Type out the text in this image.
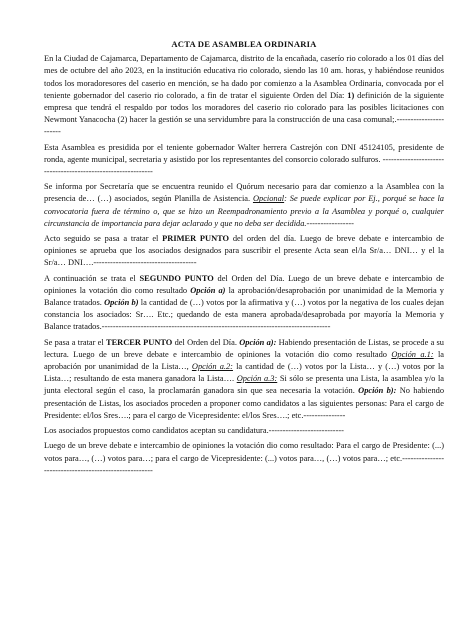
ACTA DE ASAMBLEA ORDINARIA

En la Ciudad de Cajamarca, Departamento de Cajamarca, distrito de la encañada, caserío rio colorado a los 01 días del mes de octubre del año 2023, en la institución educativa rio colorado, siendo las 10 am. horas, y habiéndose reunidos todos los moradoresores del caserio en mención, se ha dado por comienzo a la Asamblea Ordinaria, convocada por el teniente gobernador del caserio rio colorado, a fin de tratar el siguiente Orden del Día: 1) definición de la siguiente empresa que tendrá el respaldo por todos los moradores del caserio rio colorado para las posibles licitaciones con Newmont Yanacocha (2) hacer la gestión se una servidumbre para la construcción de una casa comunal;.-----------------------

Esta Asamblea es presidida por el teniente gobernador Walter herrera Castrejón con DNI 45124105, presidente de ronda, agente municipal, secretaria y asistido por los representantes del consorcio colorado sulfuros. -------------------------------------------------------------

Se informa por Secretaría que se encuentra reunido el Quórum necesario para dar comienzo a la Asamblea con la presencia de… (…) asociados, según Planilla de Asistencia. Opcional: Se puede explicar por Ej., porqué se hace la convocatoria fuera de término o, que se hizo un Reempadronamiento previo a la Asamblea y porqué o, cualquier circunstancia de importancia para dejar aclarado y que no deba ser decidida.-----------------

Acto seguido se pasa a tratar el PRIMER PUNTO del orden del día. Luego de breve debate e intercambio de opiniones se aprueba que los asociados designados para suscribir el presente Acta sean el/la Sr/a… DNI… y el la Sr/a… DNI….-------------------------------------

A continuación se trata el SEGUNDO PUNTO del Orden del Día. Luego de un breve debate e intercambio de opiniones la votación dio como resultado Opción a) la aprobación/desaprobación por unanimidad de la Memoria y Balance tratados. Opción b) la cantidad de (…) votos por la afirmativa y (…) votos por la negativa de los cuales dejan constancia los asociados: Sr…. Etc.; quedando de esta manera aprobada/desaprobada por mayoría la Memoria y Balance tratados.----------------------------------------------------------------------------------

Se pasa a tratar el TERCER PUNTO del Orden del Día. Opción a): Habiendo presentación de Listas, se procede a su lectura. Luego de un breve debate e intercambio de opiniones la votación dio como resultado Opción a.1: la aprobación por unanimidad de la Lista…, Opción a.2: la cantidad de (…) votos por la Lista… y (…) votos por la Lista…; resultando de esta manera ganadora la Lista…. Opción a.3: Si sólo se presenta una Lista, la asamblea y/o la junta electoral según el caso, la proclamarán ganadora sin que sea necesaria la votación. Opción b): No habiendo presentación de Listas, los asociados proceden a proponer como candidatos a las siguientes personas: Para el cargo de Presidente: el/los Sres….; para el cargo de Vicepresidente: el/los Sres….; etc.---------------

Los asociados propuestos como candidatos aceptan su candidatura.---------------------------

Luego de un breve debate e intercambio de opiniones la votación dio como resultado: Para el cargo de Presidente: (...) votos para…, (…) votos para…; para el cargo de Vicepresidente: (...) votos para…, (…) votos para…; etc.------------------------------------------------------
